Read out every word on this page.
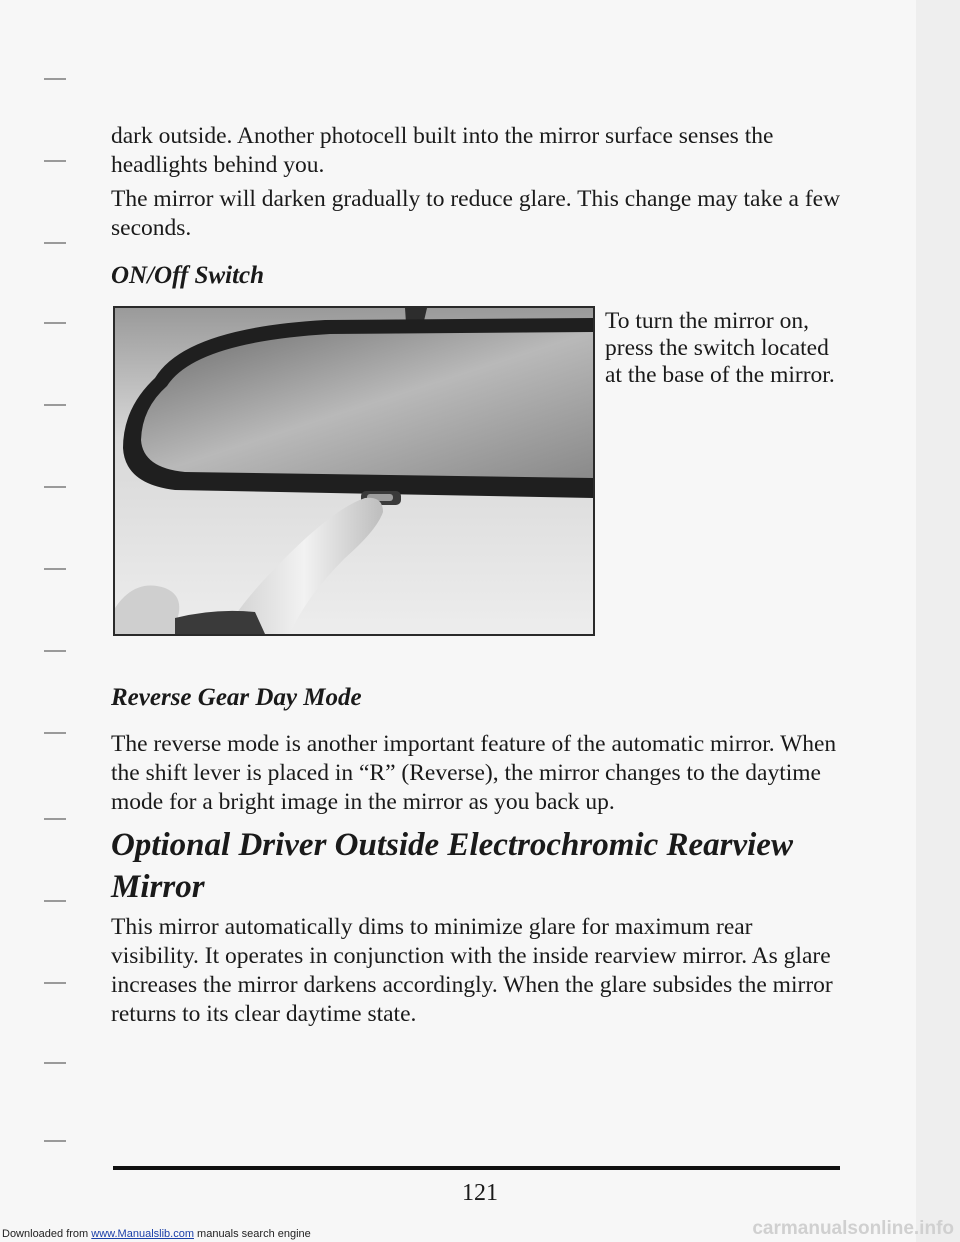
dark outside. Another photocell built into the mirror surface senses the headlights behind you.

The mirror will darken gradually to reduce glare. This change may take a few seconds.

ON/Off Switch

To turn the mirror on, press the switch located at the base of the mirror.

Reverse Gear Day Mode

The reverse mode is another important feature of the automatic mirror. When the shift lever is placed in “R” (Reverse), the mirror changes to the daytime mode for a bright image in the mirror as you back up.

Optional Driver Outside Electrochromic Rearview Mirror

This mirror automatically dims to minimize glare for maximum rear visibility. It operates in conjunction with the inside rearview mirror. As glare increases the mirror darkens accordingly. When the glare subsides the mirror returns to its clear daytime state.

121
Downloaded from www.Manualslib.com manuals search engine	carmanualsonline.info
